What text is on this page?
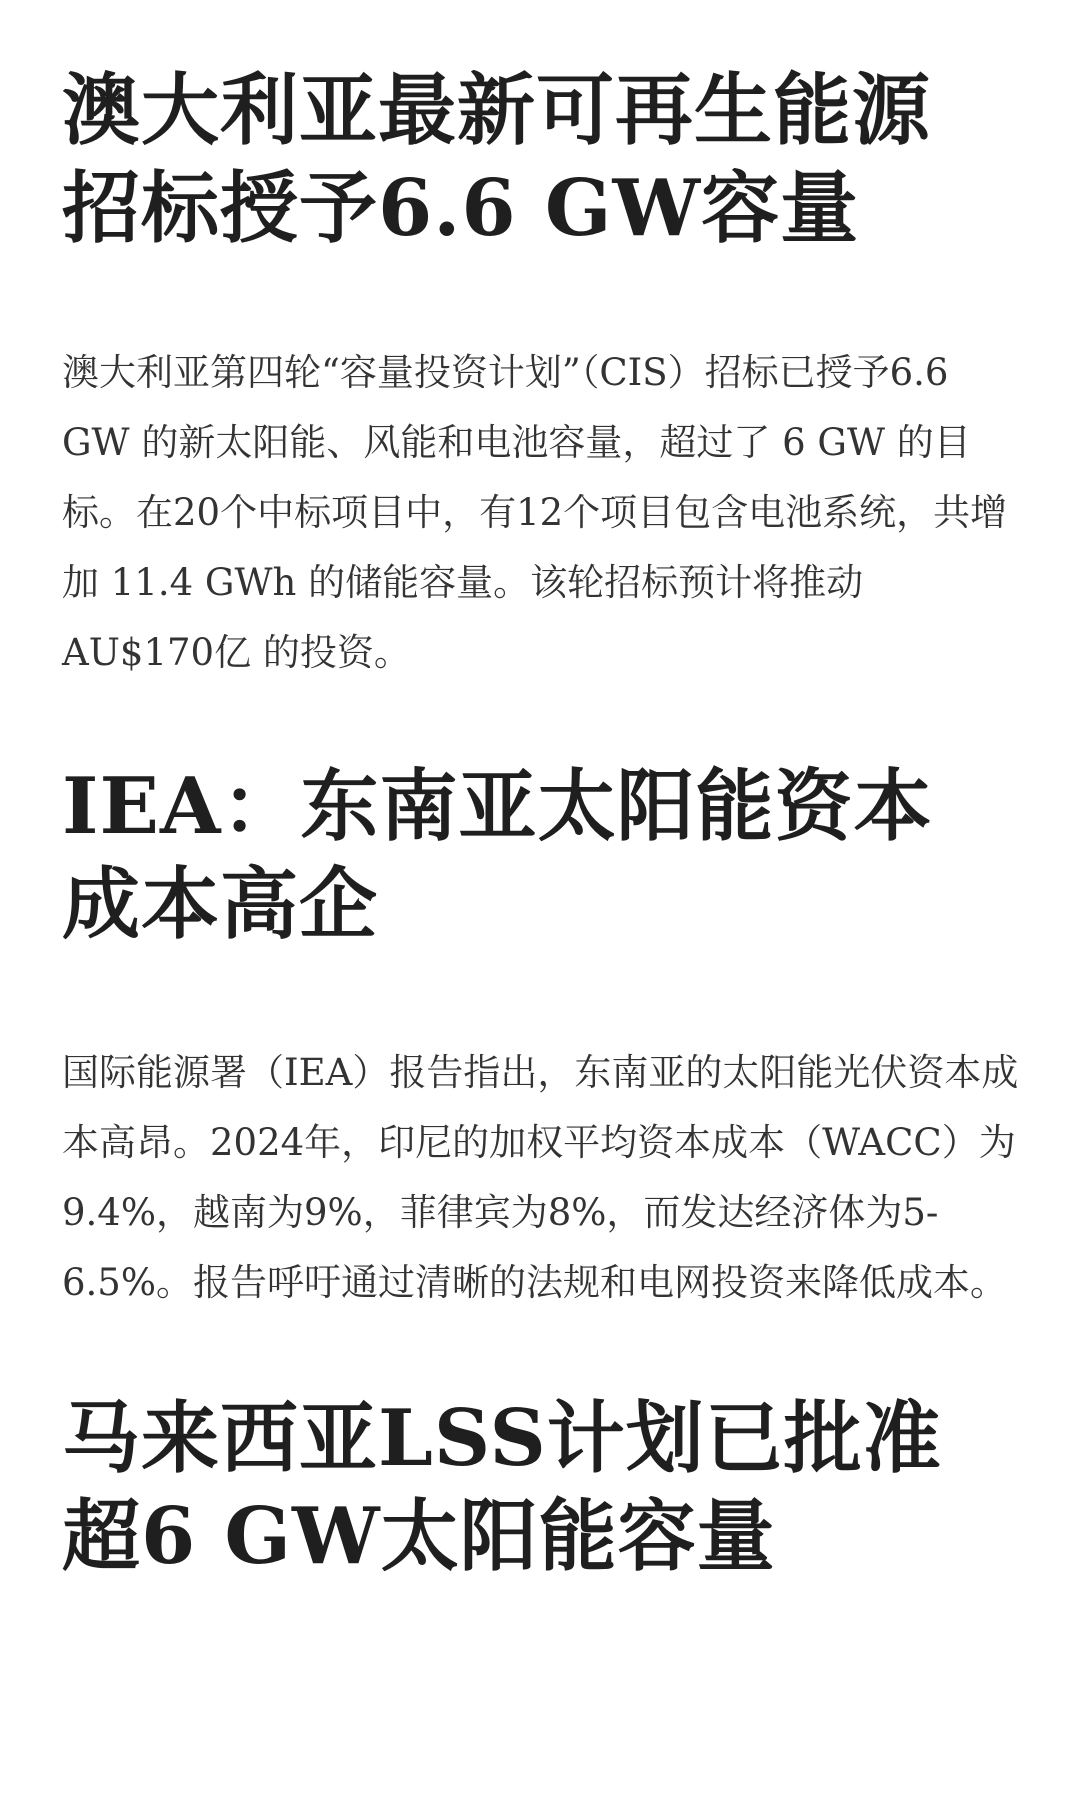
澳大利亚最新可再生能源招标授予6.6 GW容量

澳大利亚第四轮“容量投资计划”（CIS）招标已授予6.6 GW 的新太阳能、风能和电池容量，超过了 6 GW 的目标。在20个中标项目中，有12个项目包含电池系统，共增加 11.4 GWh 的储能容量。该轮招标预计将推动 AU$170亿 的投资。

IEA：东南亚太阳能资本成本高企

国际能源署（IEA）报告指出，东南亚的太阳能光伏资本成本高昂。2024年，印尼的加权平均资本成本（WACC）为9.4%，越南为9%，菲律宾为8%，而发达经济体为5-6.5%。报告呼吁通过清晰的法规和电网投资来降低成本。

马来西亚LSS计划已批准超6 GW太阳能容量
